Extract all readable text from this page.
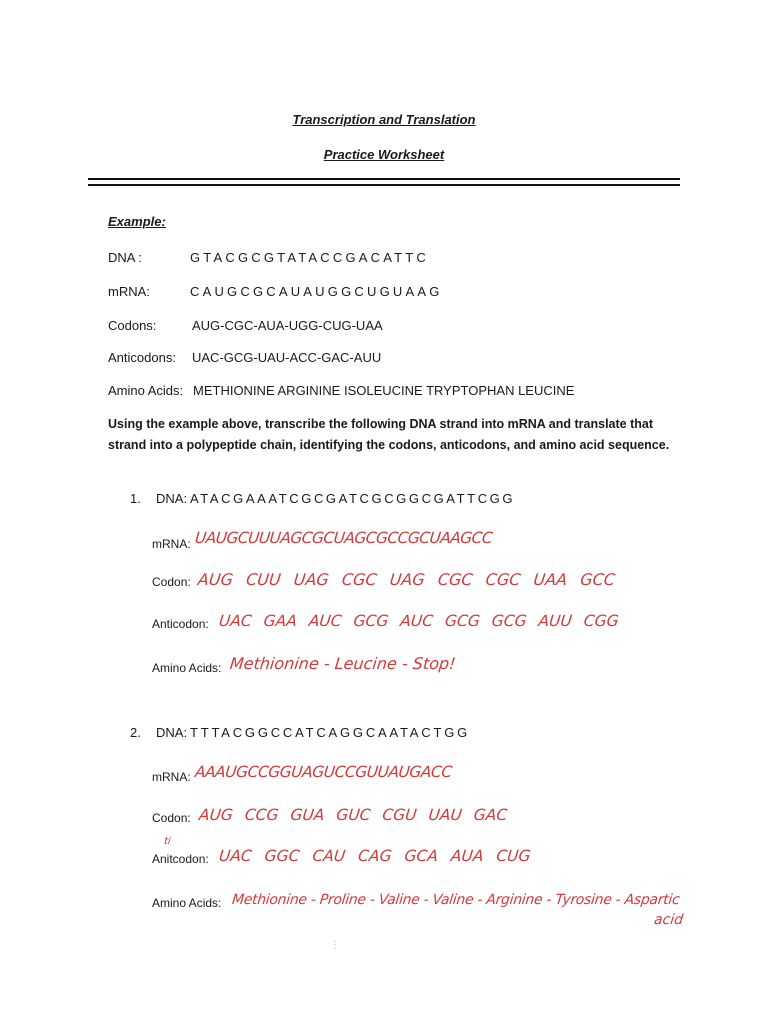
Transcription and Translation
Practice Worksheet
Example:
DNA :	GTACGCGTATACCGACATTC
mRNA:	CAUGCGCAUAUGGCUGUAAG
Codons:	AUG-CGC-AUA-UGG-CUG-UAA
Anticodons: UAC-GCG-UAU-ACC-GAC-AUU
Amino Acids: METHIONINE ARGININE ISOLEUCINE TRYPTOPHAN LEUCINE
Using the example above, transcribe the following DNA strand into mRNA and translate that strand into a polypeptide chain, identifying the codons, anticodons, and amino acid sequence.
1. DNA: ATACGAAATCGCGATCGCGGCGATTCGG
mRNA: UAUGCUUUAGCGCUAGCGCCGCUAAGCC
Codon: AUG CUU UAG CGC UAG CGC CGC UAA GCC
Anticodon: UAC GAA AUC GCG AUC GCG GCG AUU CGG
Amino Acids: Methionine - Leucine - Stop!
2. DNA: TTTACGGCCATCAGGCAATACTGG
mRNA: AAAUGCCGGUAGUCCGUUAUGACC
Codon: AUG CCG GUA GUC CGU UAU GAC
ti
Anitcodon: UAC GGC CAU CAG GCA AUA CUG
Amino Acids: Methionine - Proline - Valine - Valine - Arginine - Tyrosine - Aspartic
acid
⋮
